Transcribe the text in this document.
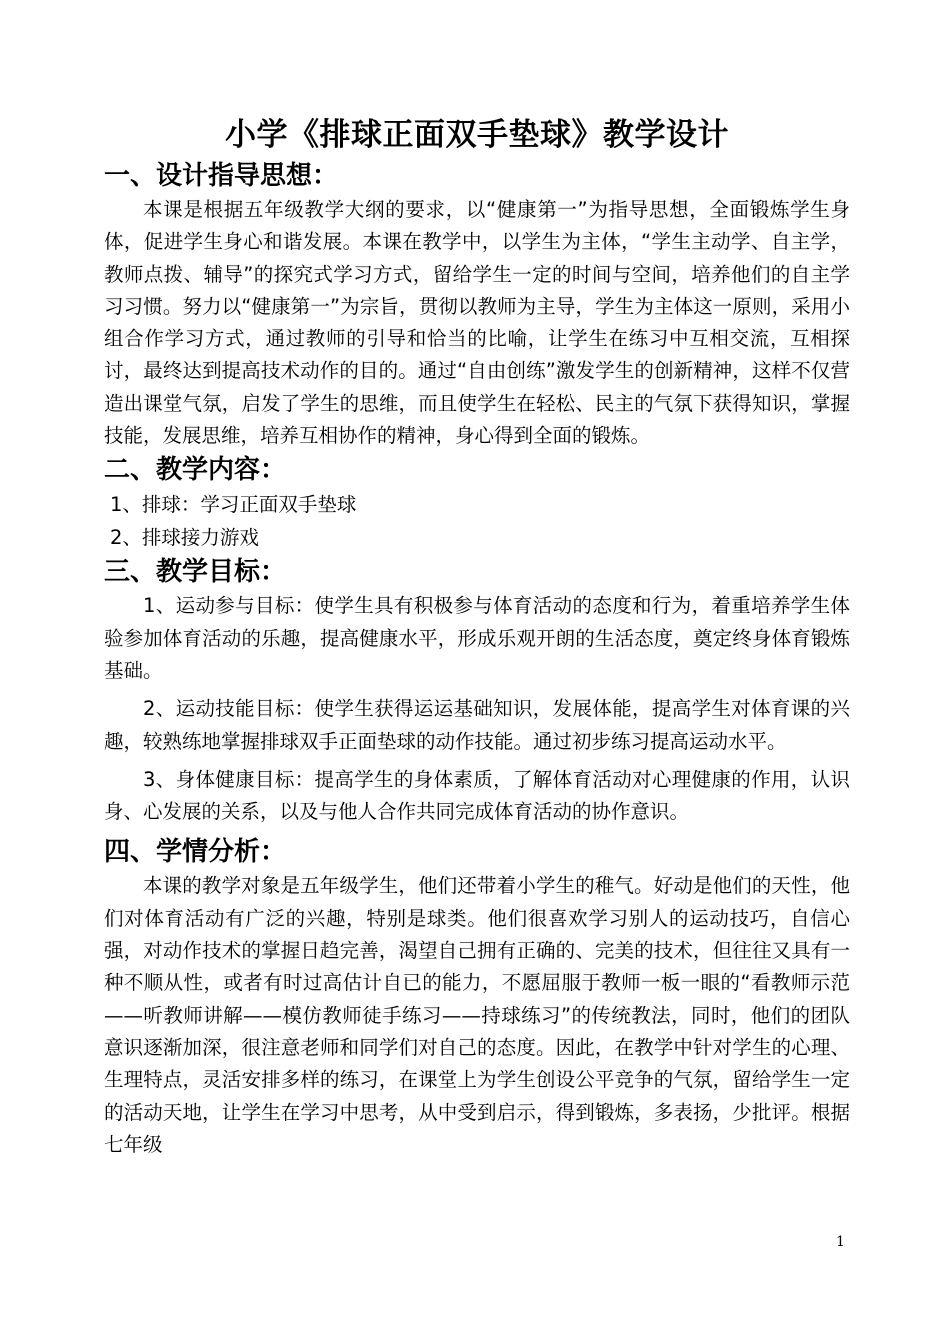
小学《排球正面双手垫球》教学设计
一、设计指导思想：

本课是根据五年级教学大纲的要求，以“健康第一”为指导思想，全面锻炼学生身体，促进学生身心和谐发展。本课在教学中，以学生为主体，“学生主动学、自主学，教师点拨、辅导”的探究式学习方式，留给学生一定的时间与空间，培养他们的自主学习习惯。努力以“健康第一”为宗旨，贯彻以教师为主导，学生为主体这一原则，采用小组合作学习方式，通过教师的引导和恰当的比喻，让学生在练习中互相交流，互相探讨，最终达到提高技术动作的目的。通过“自由创练”激发学生的创新精神，这样不仅营造出课堂气氛，启发了学生的思维，而且使学生在轻松、民主的气氛下获得知识，掌握技能，发展思维，培养互相协作的精神，身心得到全面的锻炼。

二、教学内容：

1、排球：学习正面双手垫球

2、排球接力游戏

三、教学目标：

1、运动参与目标：使学生具有积极参与体育活动的态度和行为，着重培养学生体验参加体育活动的乐趣，提高健康水平，形成乐观开朗的生活态度，奠定终身体育锻炼基础。

2、运动技能目标：使学生获得运运基础知识，发展体能，提高学生对体育课的兴趣，较熟练地掌握排球双手正面垫球的动作技能。通过初步练习提高运动水平。

3、身体健康目标：提高学生的身体素质，了解体育活动对心理健康的作用，认识身、心发展的关系，以及与他人合作共同完成体育活动的协作意识。

四、学情分析：

本课的教学对象是五年级学生，他们还带着小学生的稚气。好动是他们的天性，他们对体育活动有广泛的兴趣，特别是球类。他们很喜欢学习别人的运动技巧，自信心强，对动作技术的掌握日趋完善，渴望自己拥有正确的、完美的技术，但往往又具有一种不顺从性，或者有时过高估计自已的能力，不愿屈服于教师一板一眼的“看教师示范——听教师讲解——模仿教师徒手练习——持球练习”的传统教法，同时，他们的团队意识逐渐加深，很注意老师和同学们对自己的态度。因此，在教学中针对学生的心理、生理特点，灵活安排多样的练习，在课堂上为学生创设公平竞争的气氛，留给学生一定的活动天地，让学生在学习中思考，从中受到启示，得到锻炼，多表扬，少批评。根据七年级

1
